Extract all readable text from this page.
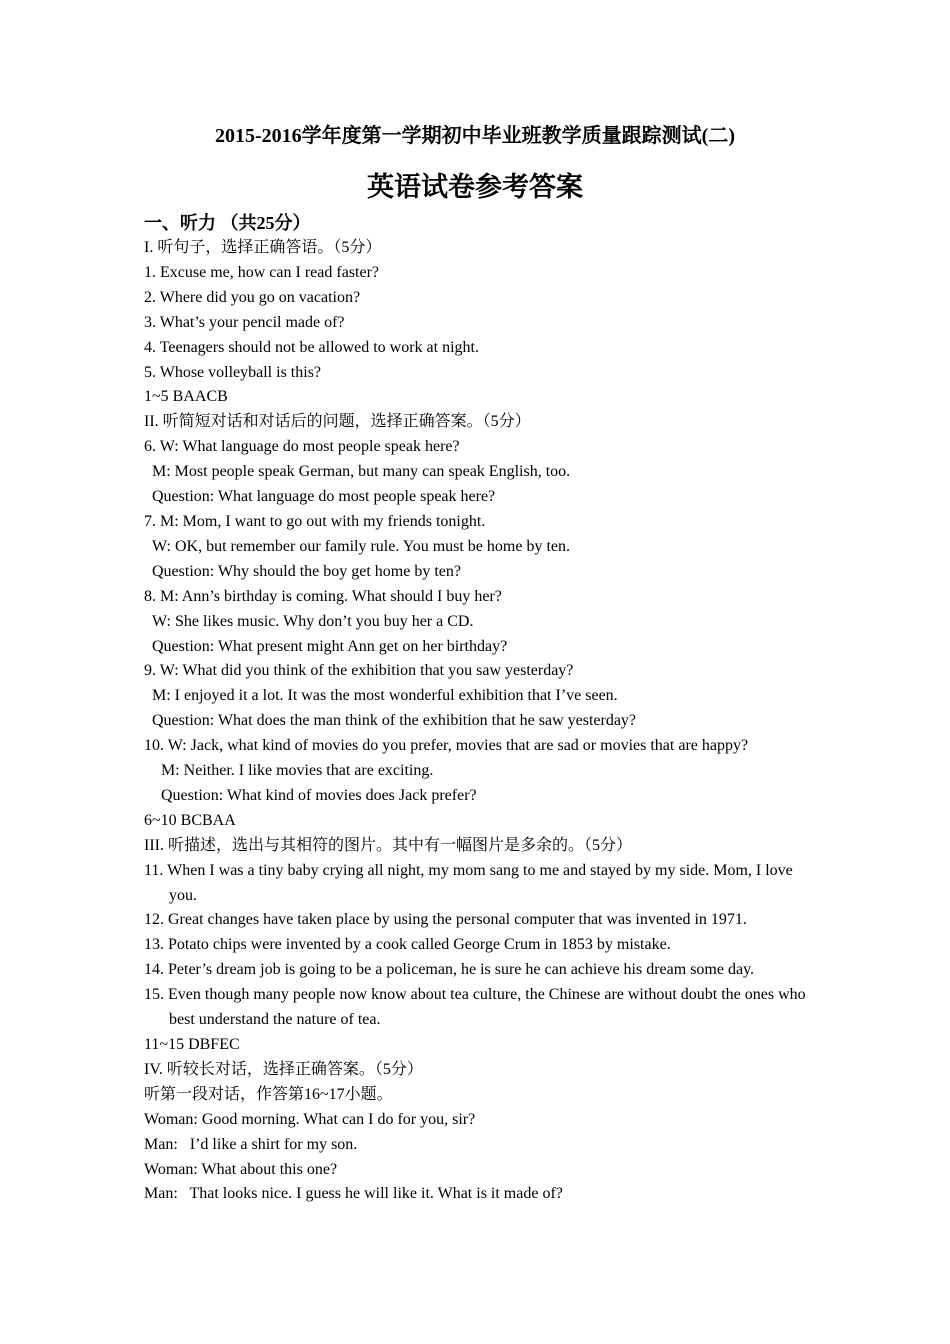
2015-2016学年度第一学期初中毕业班教学质量跟踪测试(二)
英语试卷参考答案
一、听力 （共25分）
I. 听句子，选择正确答语。（5分）
1. Excuse me, how can I read faster?
2. Where did you go on vacation?
3. What’s your pencil made of?
4. Teenagers should not be allowed to work at night.
5. Whose volleyball is this?
1~5 BAACB
II. 听简短对话和对话后的问题，选择正确答案。（5分）
6. W: What language do most people speak here?
M: Most people speak German, but many can speak English, too.
Question: What language do most people speak here?
7. M: Mom, I want to go out with my friends tonight.
W: OK, but remember our family rule. You must be home by ten.
Question: Why should the boy get home by ten?
8. M: Ann’s birthday is coming. What should I buy her?
W: She likes music. Why don’t you buy her a CD.
Question: What present might Ann get on her birthday?
9. W: What did you think of the exhibition that you saw yesterday?
M: I enjoyed it a lot. It was the most wonderful exhibition that I’ve seen.
Question: What does the man think of the exhibition that he saw yesterday?
10. W: Jack, what kind of movies do you prefer, movies that are sad or movies that are happy?
M: Neither. I like movies that are exciting.
Question: What kind of movies does Jack prefer?
6~10 BCBAA
III. 听描述，选出与其相符的图片。其中有一幅图片是多余的。（5分）
11. When I was a tiny baby crying all night, my mom sang to me and stayed by my side. Mom, I love you.
12. Great changes have taken place by using the personal computer that was invented in 1971.
13. Potato chips were invented by a cook called George Crum in 1853 by mistake.
14. Peter’s dream job is going to be a policeman, he is sure he can achieve his dream some day.
15. Even though many people now know about tea culture, the Chinese are without doubt the ones who best understand the nature of tea.
11~15 DBFEC
IV. 听较长对话，选择正确答案。（5分）
听第一段对话，作答第16~17小题。
Woman: Good morning. What can I do for you, sir?
Man:   I’d like a shirt for my son.
Woman: What about this one?
Man:   That looks nice. I guess he will like it. What is it made of?
